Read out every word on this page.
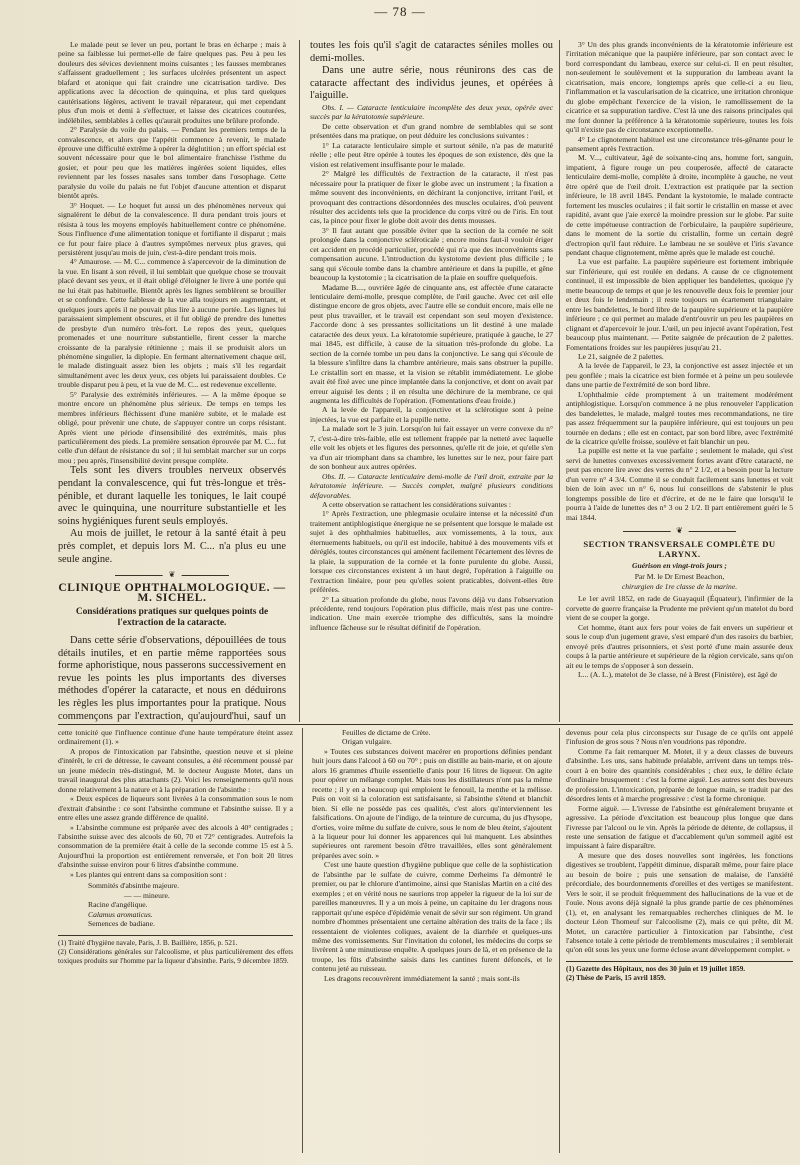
— 78 —

Le malade peut se lever un peu, portant le bras en écharpe ; mais à peine sa faiblesse lui permet-elle de faire quelques pas. Peu à peu les douleurs des sévices deviennent moins cuisantes ; les fausses membranes s'affaissent graduellement ; les surfaces ulcérées présentent un aspect blafard et atonique qui fait craindre une cicatrisation tardive. Des applications avec la décoction de quinquina, et plus tard quelques cautérisations légères, activent le travail réparateur, qui met cependant plus d'un mois et demi à s'effectuer, et laisse des cicatrices couturées, indélébiles, semblables à celles qu'aurait produites une brûlure profonde.

2° Paralysie du voile du palais. — Pendant les premiers temps de la convalescence, et alors que l'appétit commence à revenir, le malade éprouve une difficulté extrême à opérer la déglutition ; un effort spécial est souvent nécessaire pour que le bol alimentaire franchisse l'isthme du gosier, et pour peu que les matières ingérées soient liquides, elles reviennent par les fosses nasales sans tomber dans l'œsophage. Cette paralysie du voile du palais ne fut l'objet d'aucune attention et disparut bientôt après.

3° Hoquet. — Le hoquet fut aussi un des phénomènes nerveux qui signalèrent le début de la convalescence. Il dura pendant trois jours et résista à tous les moyens employés habituellement contre ce phénomène. Sous l'influence d'une alimentation tonique et fortifiante il disparut ; mais ce fut pour faire place à d'autres symptômes nerveux plus graves, qui persistèrent jusqu'au mois de juin, c'est-à-dire pendant trois mois.

4° Amaurose. — M. C... commence à s'apercevoir de la diminution de la vue. En lisant à son réveil, il lui semblait que quelque chose se trouvait placé devant ses yeux, et il était obligé d'éloigner le livre à une portée qui ne lui était pas habituelle. Bientôt après les lignes semblèrent se brouiller et se confondre. Cette faiblesse de la vue alla toujours en augmentant, et quelques jours après il ne pouvait plus lire à aucune portée. Les lignes lui paraissaient simplement obscures, et il fut obligé de prendre des lunettes de presbyte d'un numéro très-fort. Le repos des yeux, quelques promenades et une nourriture substantielle, firent cesser la marche croissante de la paralysie rétinienne ; mais il se produisit alors un phénomène singulier, la diplopie. En fermant alternativement chaque œil, le malade distinguait assez bien les objets ; mais s'il les regardait simultanément avec les deux yeux, ces objets lui paraissaient doubles. Ce trouble disparut peu à peu, et la vue de M. C... est redevenue excellente.

5° Paralysie des extrémités inférieures. — A la même époque se montre encore un phénomène plus sérieux. De temps en temps les membres inférieurs fléchissent d'une manière subite, et le malade est obligé, pour prévenir une chute, de s'appuyer contre un corps résistant. Après vient une période d'insensibilité des extrémités, mais plus particulièrement des pieds. La première sensation éprouvée par M. C... fut celle d'un défaut de résistance du sol ; il lui semblait marcher sur un corps mou ; peu après, l'insensibilité devint presque complète.

Tels sont les divers troubles nerveux observés pendant la convalescence, qui fut très-longue et très-pénible, et durant laquelle les toniques, le lait coupé avec le quinquina, une nourriture substantielle et les soins hygiéniques furent seuls employés.

Au mois de juillet, le retour à la santé était à peu près complet, et depuis lors M. C... n'a plus eu une seule angine.

❦
CLINIQUE OPHTHALMOLOGIQUE. — M. SICHEL.
Considérations pratiques sur quelques points de l'extraction de la cataracte.

Dans cette série d'observations, dépouillées de tous détails inutiles, et en partie même rapportées sous forme aphoristique, nous passerons successivement en revue les points les plus importants des diverses méthodes d'opérer la cataracte, et nous en déduirons les règles les plus importantes pour la pratique. Nous commençons par l'extraction, qu'aujourd'hui, sauf un

toutes les fois qu'il s'agit de cataractes séniles molles ou demi-molles.

Dans une autre série, nous réunirons des cas de cataracte affectant des individus jeunes, et opérées à l'aiguille.

Obs. I. — Cataracte lenticulaire incomplète des deux yeux, opérée avec succès par la kératotomie supérieure.

De cette observation et d'un grand nombre de semblables qui se sont présentées dans ma pratique, on peut déduire les conclusions suivantes :

1° La cataracte lenticulaire simple et surtout sénile, n'a pas de maturité réelle ; elle peut être opérée à toutes les époques de son existence, dès que la vision est relativement insuffisante pour le malade.

2° Malgré les difficultés de l'extraction de la cataracte, il n'est pas nécessaire pour la pratiquer de fixer le globe avec un instrument ; la fixation a même souvent des inconvénients, en déchirant la conjonctive, irritant l'œil, et provoquant des contractions désordonnées des muscles oculaires, d'où peuvent résulter des accidents tels que la procidence du corps vitré ou de l'iris. En tout cas, la pince pour fixer le globe doit avoir des dents mousses.

3° Il faut autant que possible éviter que la section de la cornée ne soit prolongée dans la conjonctive scléroticale ; encore moins faut-il vouloir ériger cet accident en procédé particulier, procédé qui n'a que des inconvénients sans compensation aucune. L'introduction du kystotome devient plus difficile ; le sang qui s'écoule tombe dans la chambre antérieure et dans la pupille, et gêne beaucoup la kystotomie ; la cicatrisation de la plaie en souffre quelquefois.

Madame B...., ouvrière âgée de cinquante ans, est affectée d'une cataracte lenticulaire demi-molle, presque complète, de l'œil gauche. Avec cet œil elle distingue encore de gros objets, avec l'autre elle se conduit encore, mais elle ne peut plus travailler, et le travail est cependant son seul moyen d'existence. J'accorde donc à ses pressantes sollicitations un lit destiné à une malade cataractée des deux yeux. La kératotomie supérieure, pratiquée à gauche, le 27 mai 1845, est difficile, à cause de la situation très-profonde du globe. La section de la cornée tombe un peu dans la conjonctive. Le sang qui s'écoule de la blessure s'infiltre dans la chambre antérieure, mais sans obstruer la pupille. Le cristallin sort en masse, et la vision se rétablit immédiatement. Le globe avait été fixé avec une pince implantée dans la conjonctive, et dont on avait par erreur aiguisé les dents ; il en résulta une déchirure de la membrane, ce qui augmenta les difficultés de l'opération. (Fomentations d'eau froide.)

A la levée de l'appareil, la conjonctive et la sclérotique sont à peine injectées, la vue est parfaite et la pupille nette.

La malade sort le 3 juin. Lorsqu'on lui fait essayer un verre convexe du n° 7, c'est-à-dire très-faible, elle est tellement frappée par la netteté avec laquelle elle voit les objets et les figures des personnes, qu'elle rit de joie, et qu'elle s'en va d'un air triomphant dans sa chambre, les lunettes sur le nez, pour faire part de son bonheur aux autres opérées.

Obs. II. — Cataracte lenticulaire demi-molle de l'œil droit, extraite par la kératotomie inférieure. — Succès complet, malgré plusieurs conditions défavorables.

A cette observation se rattachent les considérations suivantes :

1° Après l'extraction, une phlegmasie oculaire intense et la nécessité d'un traitement antiphlogistique énergique ne se présentent que lorsque le malade est sujet à des ophthalmies habituelles, aux vomissements, à la toux, aux éternuements habituels, ou qu'il est indocile, habitué à des mouvements vifs et déréglés, toutes circonstances qui amènent facilement l'écartement des lèvres de la plaie, la suppuration de la cornée et la fonte purulente du globe. Aussi, lorsque ces circonstances existent à un haut degré, l'opération à l'aiguille ou l'extraction linéaire, pour peu qu'elles soient praticables, doivent-elles être préférées.

2° La situation profonde du globe, nous l'avons déjà vu dans l'observation précédente, rend toujours l'opération plus difficile, mais n'est pas une contre-indication. Une main exercée triomphe des difficultés, sans la moindre influence fâcheuse sur le résultat définitif de l'opération.

3° Un des plus grands inconvénients de la kératotomie inférieure est l'irritation mécanique que la paupière inférieure, par son contact avec le bord correspondant du lambeau, exerce sur celui-ci. Il en peut résulter, non-seulement le soulèvement et la suppuration du lambeau avant la cicatrisation, mais encore, longtemps après que celle-ci a eu lieu, l'inflammation et la vascularisation de la cicatrice, une irritation chronique du globe empêchant l'exercice de la vision, le ramollissement de la cicatrice et sa suppuration tardive. C'est là une des raisons principales qui me font donner la préférence à la kératotomie supérieure, toutes les fois qu'il n'existe pas de circonstance exceptionnelle.

4° Le clignotement habituel est une circonstance très-gênante pour le pansement après l'extraction.

M. V..., cultivateur, âgé de soixante-cinq ans, homme fort, sanguin, impatient, à figure rouge un peu couperosée, affecté de cataracte lenticulaire demi-molle, complète à droite, incomplète à gauche, ne veut être opéré que de l'œil droit. L'extraction est pratiquée par la section inférieure, le 18 avril 1845. Pendant la kystotomie, le malade contracte fortement les muscles oculaires ; il fait sortir le cristallin en masse et avec rapidité, avant que j'aie exercé la moindre pression sur le globe. Par suite de cette impétueuse contraction de l'orbiculaire, la paupière supérieure, dans le moment de la sortie du cristallin, forme un certain degré d'ectropion qu'il faut réduire. Le lambeau ne se soulève et l'iris s'avance pendant chaque clignotement, même après que le malade est couché.

La vue est parfaite. La paupière supérieure est fortement imbriquée sur l'inférieure, qui est roulée en dedans. A cause de ce clignotement continuel, il est impossible de bien appliquer les bandelettes, quoique j'y mette beaucoup de temps et que je les renouvelle deux fois le premier jour et deux fois le lendemain ; il reste toujours un écartement triangulaire entre les bandelettes, le bord libre de la paupière supérieure et la paupière inférieure ; ce qui permet au malade d'entr'ouvrir un peu les paupières en clignant et d'apercevoir le jour. L'œil, un peu injecté avant l'opération, l'est beaucoup plus maintenant. — Petite saignée de précaution de 2 palettes. Fomentations froides sur les paupières jusqu'au 21.

Le 21, saignée de 2 palettes.

A la levée de l'appareil, le 23, la conjonctive est assez injectée et un peu gonflée ; mais la cicatrice est bien formée et à peine un peu soulevée dans une partie de l'extrémité de son bord libre.

L'ophthalmie cède promptement à un traitement modérément antiphlogistique. Lorsqu'on commence à ne plus renouveler l'application des bandelettes, le malade, malgré toutes mes recommandations, ne tire pas assez fréquemment sur la paupière inférieure, qui est toujours un peu tournée en dedans ; elle est en contact, par son bord libre, avec l'extrémité de la cicatrice qu'elle froisse, soulève et fait blanchir un peu.

La pupille est nette et la vue parfaite ; seulement le malade, qui s'est servi de lunettes convexes excessivement fortes avant d'être cataracté, ne peut pas encore lire avec des verres du n° 2 1/2, et a besoin pour la lecture d'un verre n° 4 3/4. Comme il se conduit facilement sans lunettes et voit bien de loin avec un n° 6, nous lui conseillons de s'abstenir le plus longtemps possible de lire et d'écrire, et de ne le faire que lorsqu'il le pourra à l'aide de lunettes des n° 3 ou 2 1/2. Il part entièrement guéri le 5 mai 1844.

❦
SECTION TRANSVERSALE COMPLÈTE DU LARYNX.
Guérison en vingt-trois jours ;
Par M. le Dr Ernest Beachon,
chirurgien de 1re classe de la marine.

Le 1er avril 1852, en rade de Guayaquil (Équateur), l'infirmier de la corvette de guerre française la Prudente me prévient qu'un matelot du bord vient de se couper la gorge.

Cet homme, étant aux fers pour voies de fait envers un supérieur et sous le coup d'un jugement grave, s'est emparé d'un des rasoirs du barbier, envoyé près d'autres prisonniers, et s'est porté d'une main assurée deux coups à la partie antérieure et supérieure de la région cervicale, sans qu'on ait eu le temps de s'opposer à son dessein.

L... (A. L.), matelot de 3e classe, né à Brest (Finistère), est âgé de

cette tonicité que l'influence continue d'une haute température éteint assez ordinairement (1). »

A propos de l'intoxication par l'absinthe, question neuve et si pleine d'intérêt, le cri de détresse, le caveant consules, a été récemment poussé par un jeune médecin très-distingué, M. le docteur Auguste Motet, dans un travail inaugural des plus attachants (2). Voici les renseignements qu'il nous donne relativement à la nature et à la préparation de l'absinthe :

« Deux espèces de liqueurs sont livrées à la consommation sous le nom d'extrait d'absinthe : ce sont l'absinthe commune et l'absinthe suisse. Il y a entre elles une assez grande différence de qualité.

» L'absinthe commune est préparée avec des alcools à 40° centigrades ; l'absinthe suisse avec des alcools de 60, 70 et 72° centigrades. Autrefois la consommation de la première était à celle de la seconde comme 15 est à 5. Aujourd'hui la proportion est entièrement renversée, et l'on boit 20 litres d'absinthe suisse environ pour 6 litres d'absinthe commune.

» Les plantes qui entrent dans sa composition sont :

Sommités d'absinthe majeure.
— — mineure.
Racine d'angélique.
Calamus aromaticus.
Semences de badiane.

(1) Traité d'hygiène navale, Paris, J. B. Baillière, 1856, p. 521.

(2) Considérations générales sur l'alcoolisme, et plus particulièrement des effets toxiques produits sur l'homme par la liqueur d'absinthe. Paris, 9 décembre 1859.

Feuilles de dictame de Crète.

Origan vulgaire.

» Toutes ces substances doivent macérer en proportions définies pendant huit jours dans l'alcool à 60 ou 70° ; puis on distille au bain-marie, et on ajoute alors 16 grammes d'huile essentielle d'anis pour 16 litres de liqueur. On agite pour opérer un mélange complet. Mais tous les distillateurs n'ont pas la même recette ; il y en a beaucoup qui emploient le fenouil, la menthe et la mélisse. Puis on voit si la coloration est satisfaisante, si l'absinthe s'étend et blanchit bien. Si elle ne possède pas ces qualités, c'est alors qu'interviennent les falsifications. On ajoute de l'indigo, de la teinture de curcuma, du jus d'hysope, d'orties, voire même du sulfate de cuivre, sous le nom de bleu éteint, s'ajoutent à la liqueur pour lui donner les apparences qui lui manquent. Les absinthes supérieures ont rarement besoin d'être travaillées, elles sont généralement préparées avec soin. »

C'est une haute question d'hygiène publique que celle de la sophistication de l'absinthe par le sulfate de cuivre, comme Derheims l'a démontré le premier, ou par le chlorure d'antimoine, ainsi que Stanislas Martin en a cité des exemples ; et en vérité nous ne saurions trop appeler la rigueur de la loi sur de pareilles manœuvres. Il y a un mois à peine, un capitaine du 1er dragons nous rapportait qu'une espèce d'épidémie venait de sévir sur son régiment. Un grand nombre d'hommes présentaient une certaine altération des traits de la face ; ils ressentaient de violentes coliques, avaient de la diarrhée et quelques-uns même des vomissements. Sur l'invitation du colonel, les médecins du corps se livrèrent à une minutieuse enquête. A quelques jours de là, et en présence de la troupe, les fûts d'absinthe saisis dans les cantines furent défoncés, et le contenu jeté au ruisseau.

Les dragons recouvrèrent immédiatement la santé ; mais sont-ils

devenus pour cela plus circonspects sur l'usage de ce qu'ils ont appelé l'infusion de gros sous ? Nous n'en voudrions pas répondre.

Comme l'a fait remarquer M. Motet, il y a deux classes de buveurs d'absinthe. Les uns, sans habitude préalable, arrivent dans un temps très-court à en boire des quantités considérables ; chez eux, le délire éclate d'ordinaire brusquement : c'est la forme aiguë. Les autres sont des buveurs de profession. L'intoxication, préparée de longue main, se traduit par des désordres lents et à marche progressive : c'est la forme chronique.

Forme aiguë. — L'ivresse de l'absinthe est généralement bruyante et agressive. La période d'excitation est beaucoup plus longue que dans l'ivresse par l'alcool ou le vin. Après la période de détente, de collapsus, il reste une sensation de fatigue et d'accablement qu'un sommeil agité est impuissant à faire disparaître.

A mesure que des doses nouvelles sont ingérées, les fonctions digestives se troublent, l'appétit diminue, disparaît même, pour faire place au besoin de boire ; puis une sensation de malaise, de l'anxiété précordiale, des bourdonnements d'oreilles et des vertiges se manifestent. Vers le soir, il se produit fréquemment des hallucinations de la vue et de l'ouïe. Nous avons déjà signalé la plus grande partie de ces phénomènes (1), et, en analysant les remarquables recherches cliniques de M. le docteur Léon Thomeuf sur l'alcoolisme (2), mais ce qui prête, dit M. Motet, un caractère particulier à l'intoxication par l'absinthe, c'est l'absence totale à cette période de tremblements musculaires ; il semblerait qu'on eût sous les yeux une forme éclose avant développement complet. »

(1) Gazette des Hôpitaux, nos des 30 juin et 19 juillet 1859.

(2) Thèse de Paris, 15 avril 1859.
